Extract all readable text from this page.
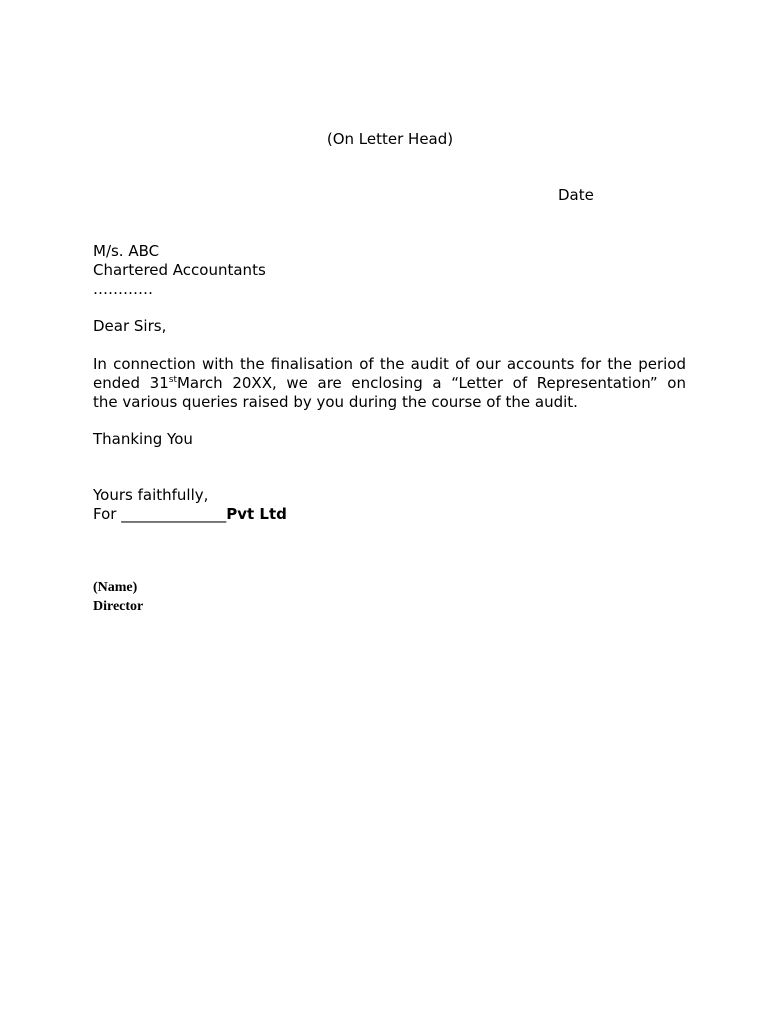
(On Letter Head)
Date
M/s. ABC
Chartered Accountants
…………
Dear Sirs,
In connection with the finalisation of the audit of our accounts for the period
ended 31stMarch 20XX, we are enclosing a “Letter of Representation” on
the various queries raised by you during the course of the audit.
Thanking You
Yours faithfully,
For ______________Pvt Ltd
(Name)
Director
